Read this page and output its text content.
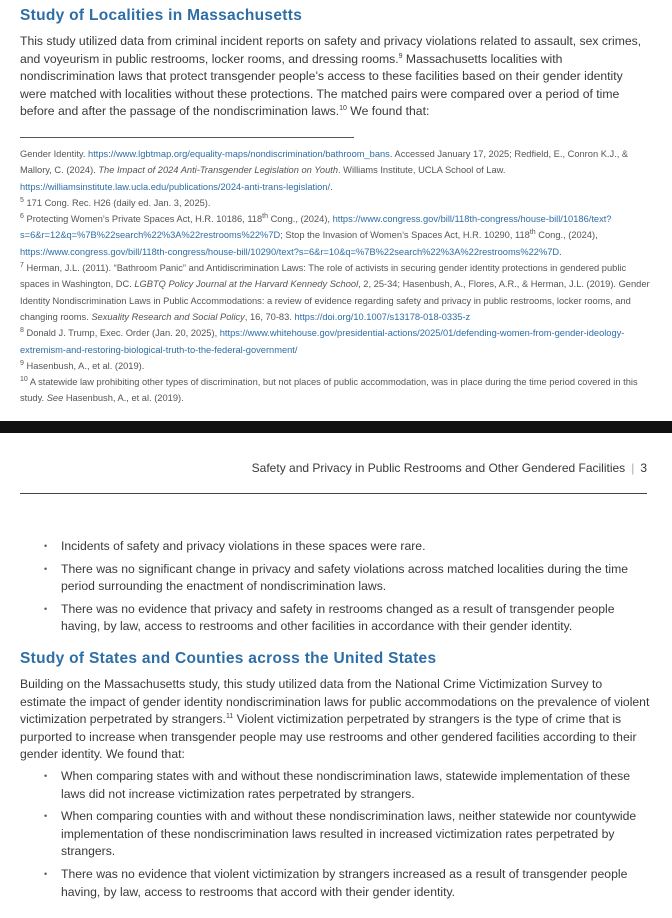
Study of Localities in Massachusetts

This study utilized data from criminal incident reports on safety and privacy violations related to assault, sex crimes, and voyeurism in public restrooms, locker rooms, and dressing rooms.$^9$ Massachusetts localities with nondiscrimination laws that protect transgender people’s access to these facilities based on their gender identity were matched with localities without these protections. The matched pairs were compared over a period of time before and after the passage of the nondiscrimination laws.$^{10}$ We found that:

Gender Identity. https://www.lgbtmap.org/equality-maps/nondiscrimination/bathroom_bans. Accessed January 17, 2025; Redfield, E., Conron K.J., & Mallory, C. (2024). The Impact of 2024 Anti-Transgender Legislation on Youth. Williams Institute, UCLA School of Law. https://williamsinstitute.law.ucla.edu/publications/2024-anti-trans-legislation/.

$^5$ 171 Cong. Rec. H26 (daily ed. Jan. 3, 2025).

$^6$ Protecting Women’s Private Spaces Act, H.R. 10186, 118th Cong., (2024), https://www.congress.gov/bill/118th-congress/house-bill/10186/text?s=6&r=12&q=%7B%22search%22%3A%22restrooms%22%7D; Stop the Invasion of Women’s Spaces Act, H.R. 10290, 118th Cong., (2024), https://www.congress.gov/bill/118th-congress/house-bill/10290/text?s=6&r=10&q=%7B%22search%22%3A%22restrooms%22%7D.

$^7$ Herman, J.L. (2011). “Bathroom Panic” and Antidiscrimination Laws: The role of activists in securing gender identity protections in gendered public spaces in Washington, DC. LGBTQ Policy Journal at the Harvard Kennedy School, 2, 25-34; Hasenbush, A., Flores, A.R., & Herman, J.L. (2019). Gender Identity Nondiscrimination Laws in Public Accommodations: a review of evidence regarding safety and privacy in public restrooms, locker rooms, and changing rooms. Sexuality Research and Social Policy, 16, 70-83. https://doi.org/10.1007/s13178-018-0335-z

$^8$ Donald J. Trump, Exec. Order (Jan. 20, 2025), https://www.whitehouse.gov/presidential-actions/2025/01/defending-women-from-gender-ideology-extremism-and-restoring-biological-truth-to-the-federal-government/

$^9$ Hasenbush, A., et al. (2019).

$^{10}$ A statewide law prohibiting other types of discrimination, but not places of public accommodation, was in place during the time period covered in this study. See Hasenbush, A., et al. (2019).

Safety and Privacy in Public Restrooms and Other Gendered Facilities | 3
• Incidents of safety and privacy violations in these spaces were rare.
• There was no significant change in privacy and safety violations across matched localities during the time period surrounding the enactment of nondiscrimination laws.
• There was no evidence that privacy and safety in restrooms changed as a result of transgender people having, by law, access to restrooms and other facilities in accordance with their gender identity.
Study of States and Counties across the United States

Building on the Massachusetts study, this study utilized data from the National Crime Victimization Survey to estimate the impact of gender identity nondiscrimination laws for public accommodations on the prevalence of violent victimization perpetrated by strangers.$^{11}$ Violent victimization perpetrated by strangers is the type of crime that is purported to increase when transgender people may use restrooms and other gendered facilities according to their gender identity. We found that:

• When comparing states with and without these nondiscrimination laws, statewide implementation of these laws did not increase victimization rates perpetrated by strangers.
• When comparing counties with and without these nondiscrimination laws, neither statewide nor countywide implementation of these nondiscrimination laws resulted in increased victimization rates perpetrated by strangers.
• There was no evidence that violent victimization by strangers increased as a result of transgender people having, by law, access to restrooms that accord with their gender identity.
